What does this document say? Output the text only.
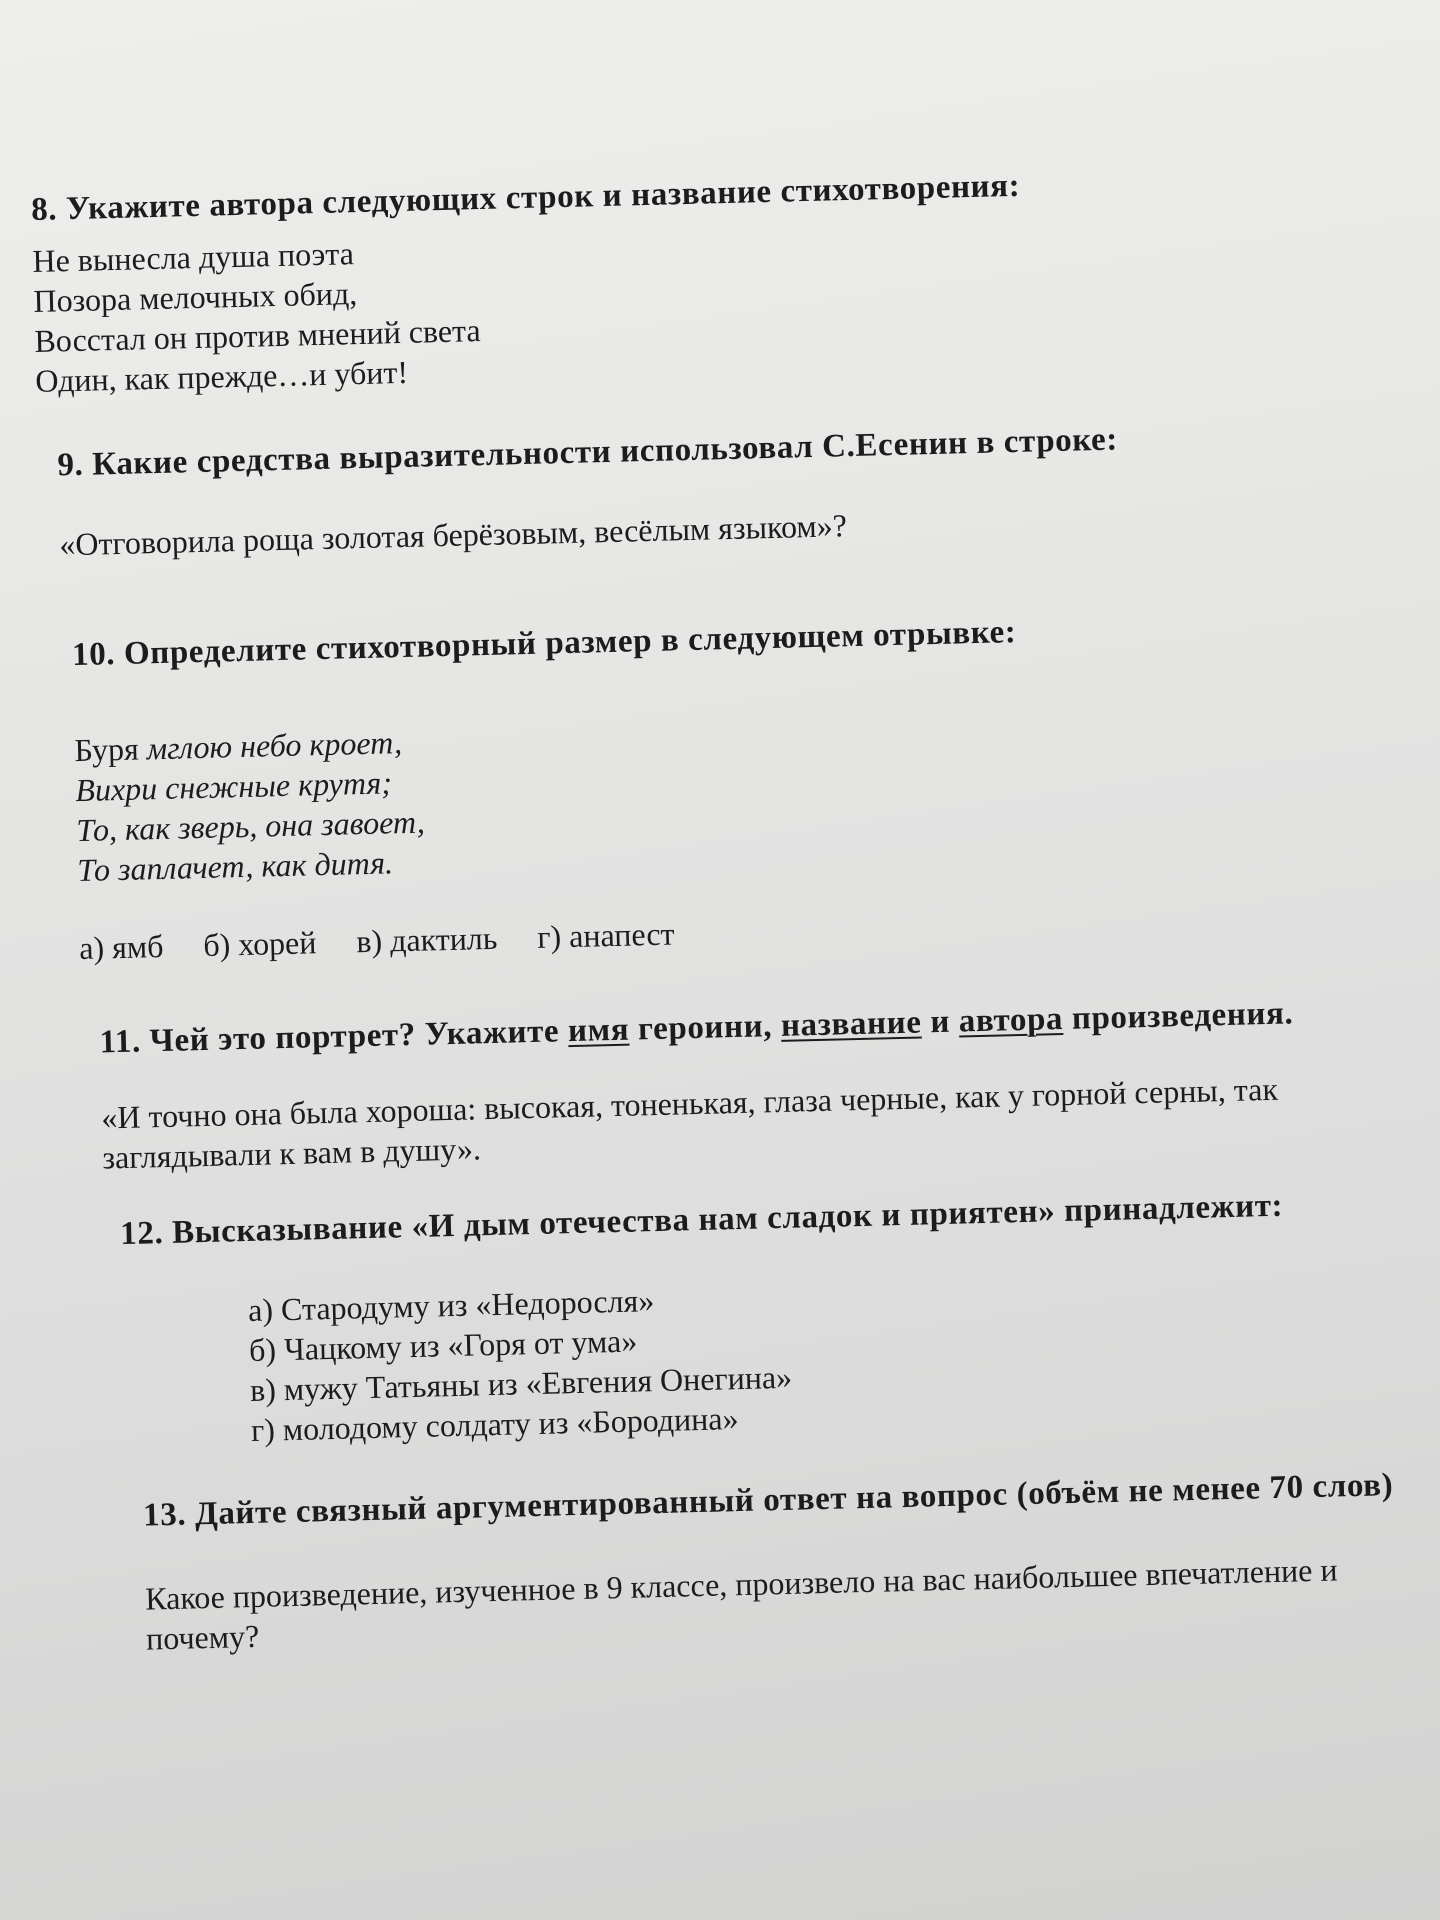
8. Укажите автора следующих строк и название стихотворения:
Не вынесла душа поэта
Позора мелочных обид,
Восстал он против мнений света
Один, как прежде…и убит!
9. Какие средства выразительности использовал С.Есенин в строке:
«Отговорила роща золотая берёзовым, весёлым языком»?
10. Определите стихотворный размер в следующем отрывке:
Буря мглою небо кроет,
Вихри снежные крутя;
То, как зверь, она завоет,
То заплачет, как дитя.
а) ямб б) хорей в) дактиль г) анапест
11. Чей это портрет? Укажите имя героини, название и автора произведения.
«И точно она была хороша: высокая, тоненькая, глаза черные, как у горной серны, так
заглядывали к вам в душу».
12. Высказывание «И дым отечества нам сладок и приятен» принадлежит:
а) Стародуму из «Недоросля»
б) Чацкому из «Горя от ума»
в) мужу Татьяны из «Евгения Онегина»
г) молодому солдату из «Бородина»
13. Дайте связный аргументированный ответ на вопрос (объём не менее 70 слов)
Какое произведение, изученное в 9 классе, произвело на вас наибольшее впечатление и
почему?
